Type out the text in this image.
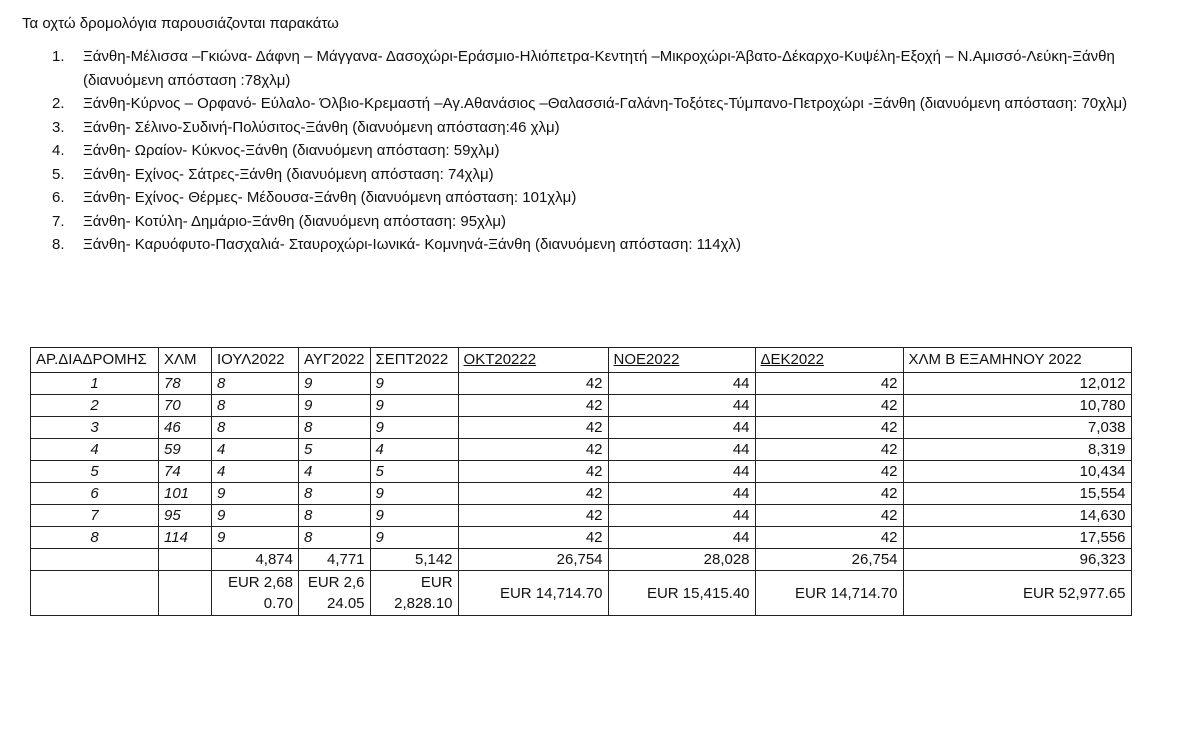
Τα οχτώ δρομολόγια παρουσιάζονται παρακάτω

1. Ξάνθη-Μέλισσα –Γκιώνα- Δάφνη – Μάγγανα- Δασοχώρι-Εράσμιο-Ηλιόπετρα-Κεντητή –Μικροχώρι-Άβατο-Δέκαρχο-Κυψέλη-Εξοχή – Ν.Αμισσό-Λεύκη-Ξάνθη (διανυόμενη απόσταση :78χλμ)
2. Ξάνθη-Κύρνος – Ορφανό- Εύλαλο- Όλβιο-Κρεμαστή –Αγ.Αθανάσιος –Θαλασσιά-Γαλάνη-Τοξότες-Τύμπανο-Πετροχώρι -Ξάνθη (διανυόμενη απόσταση: 70χλμ)
3. Ξάνθη- Σέλινο-Συδινή-Πολύσιτος-Ξάνθη (διανυόμενη απόσταση:46 χλμ)
4. Ξάνθη- Ωραίον- Κύκνος-Ξάνθη (διανυόμενη απόσταση: 59χλμ)
5. Ξάνθη- Εχίνος- Σάτρες-Ξάνθη (διανυόμενη απόσταση: 74χλμ)
6. Ξάνθη- Εχίνος- Θέρμες- Μέδουσα-Ξάνθη (διανυόμενη απόσταση: 101χλμ)
7. Ξάνθη- Κοτύλη- Δημάριο-Ξάνθη (διανυόμενη απόσταση: 95χλμ)
8. Ξάνθη- Καρυόφυτο-Πασχαλιά- Σταυροχώρι-Ιωνικά- Κομνηνά-Ξάνθη (διανυόμενη απόσταση: 114χλ)
ΑΡ.ΔΙΑΔΡΟΜΗΣ	ΧΛΜ	ΙΟΥΛ2022	ΑΥΓ2022	ΣΕΠΤ2022	ΟΚΤ20222	ΝΟΕ2022	ΔΕΚ2022	ΧΛΜ Β ΕΞΑΜΗΝΟΥ 2022
1	78	8	9	9	42	44	42	12,012
2	70	8	9	9	42	44	42	10,780
3	46	8	8	9	42	44	42	7,038
4	59	4	5	4	42	44	42	8,319
5	74	4	4	5	42	44	42	10,434
6	101	9	8	9	42	44	42	15,554
7	95	9	8	9	42	44	42	14,630
8	114	9	8	9	42	44	42	17,556
		4,874	4,771	5,142	26,754	28,028	26,754	96,323
		EUR 2,680.70	EUR 2,624.05	EUR 2,828.10	EUR 14,714.70	EUR 15,415.40	EUR 14,714.70	EUR 52,977.65
